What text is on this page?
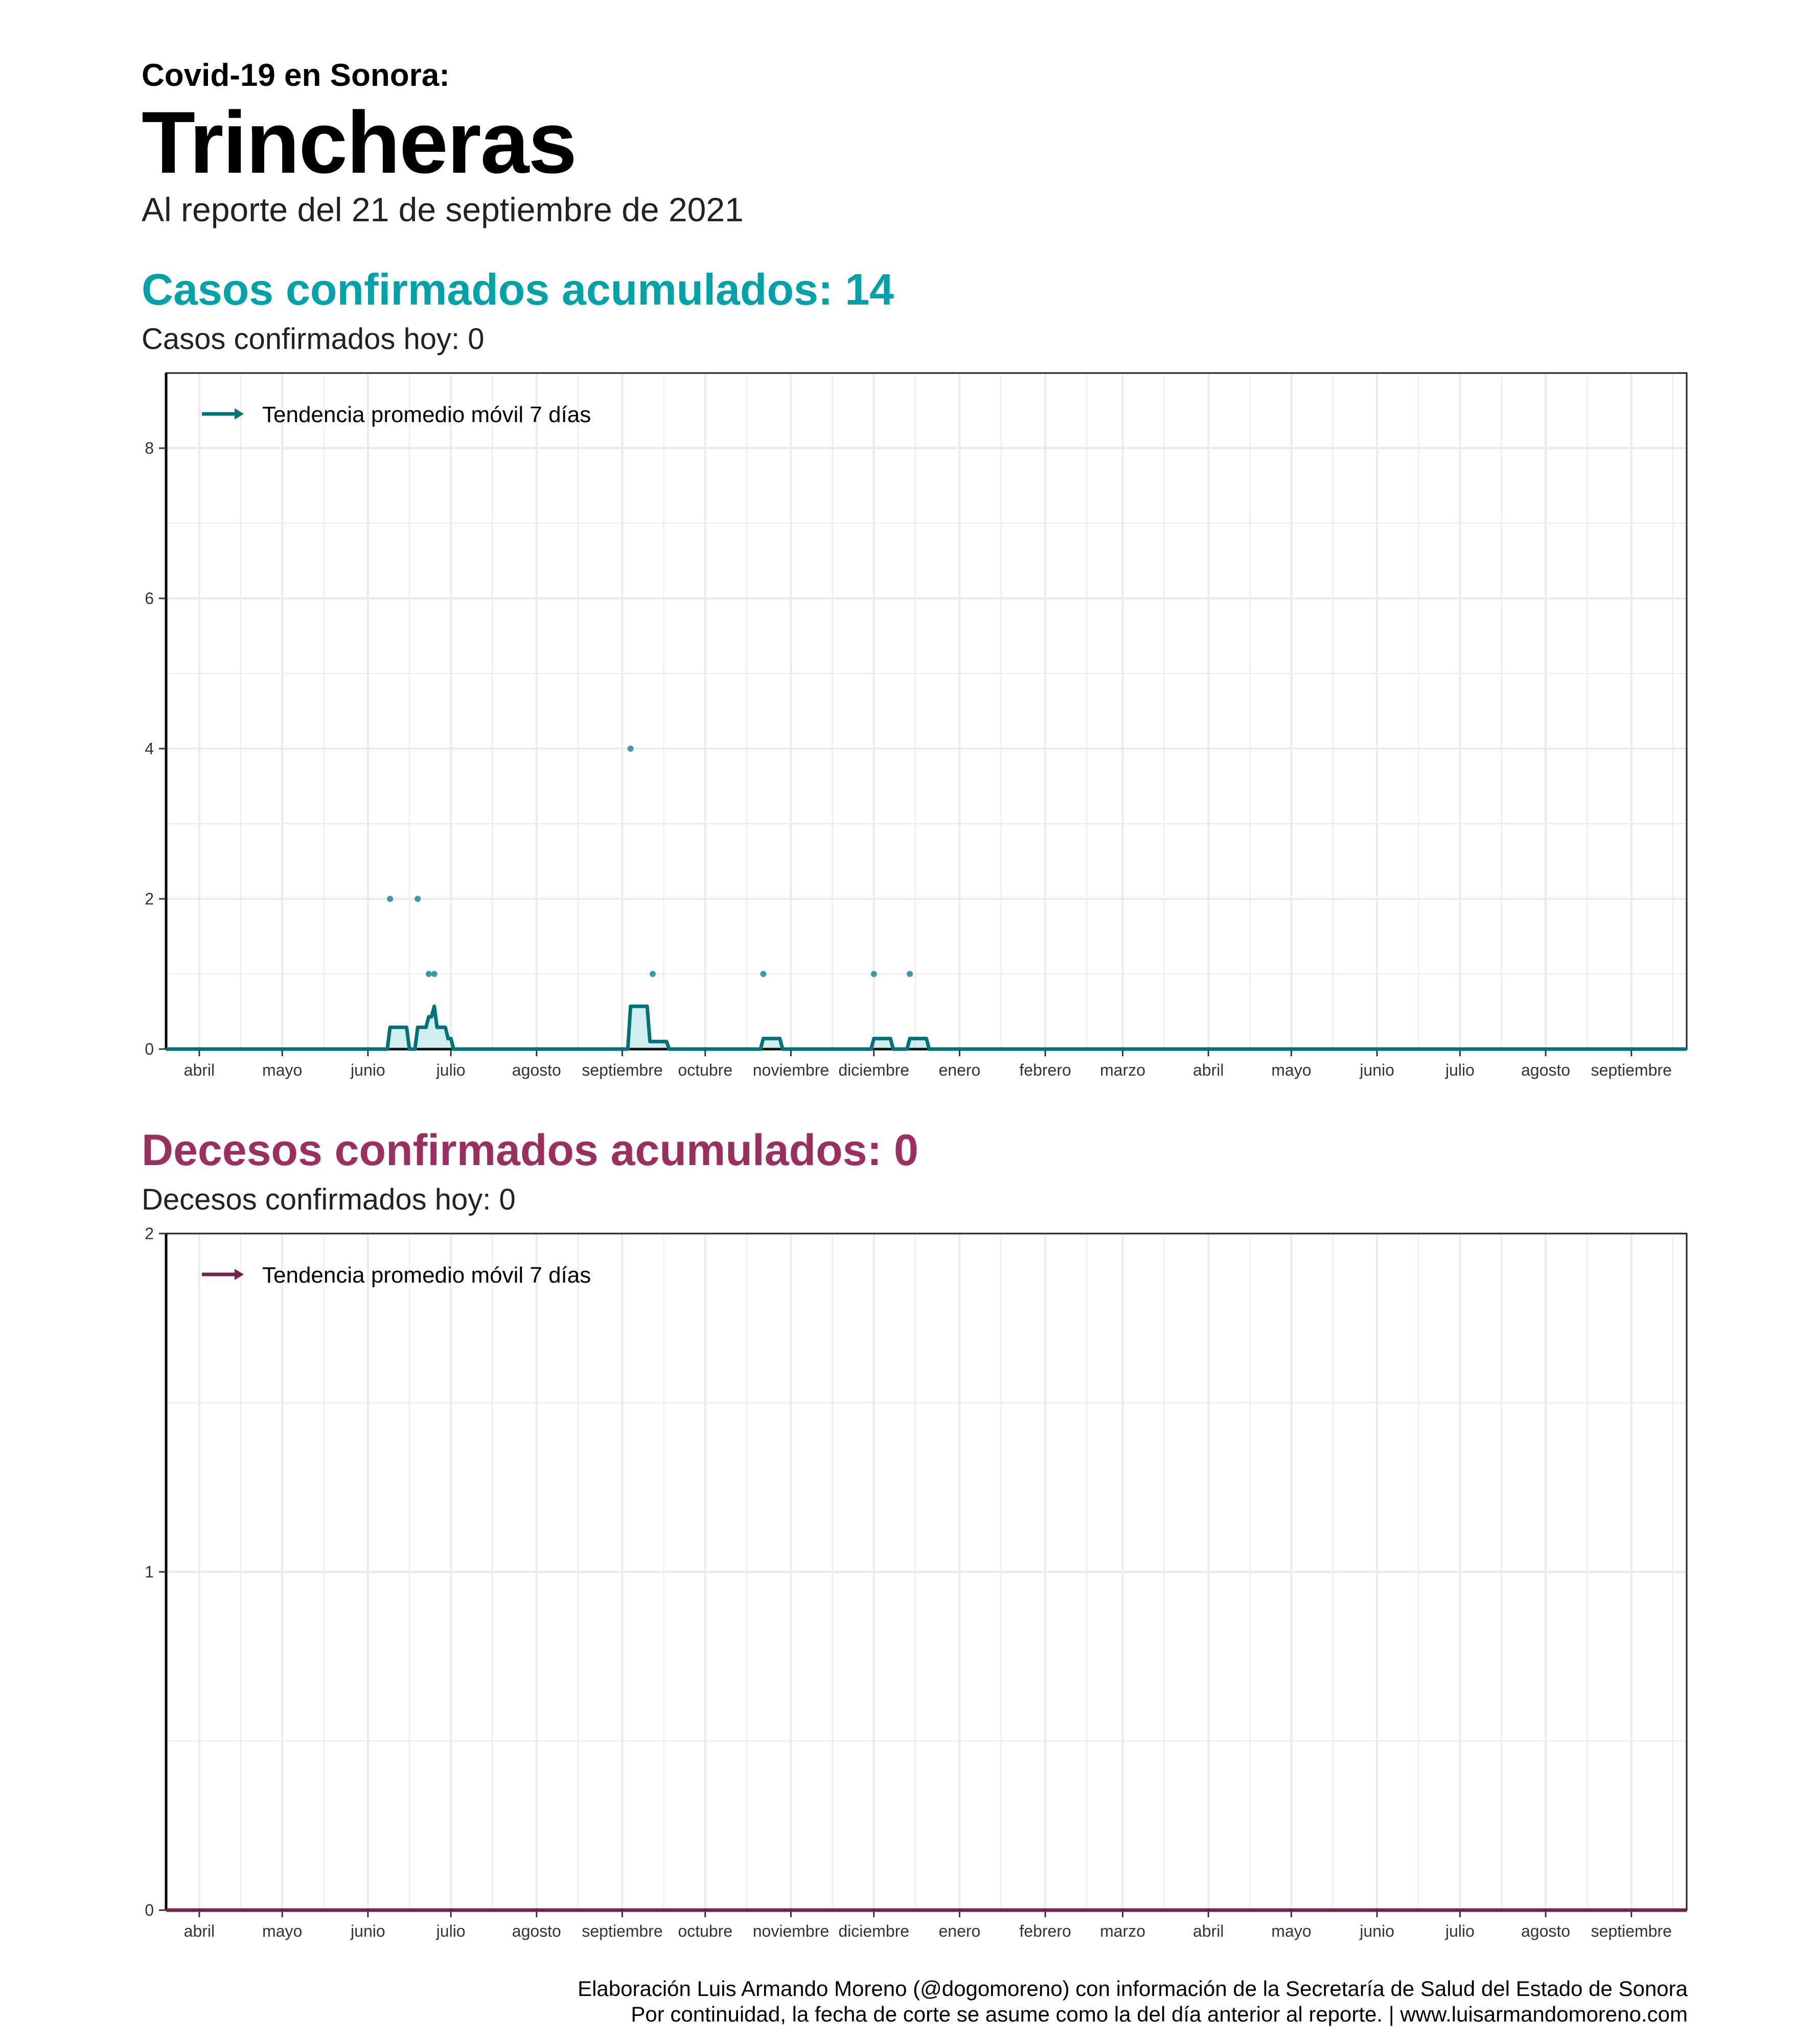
Covid-19 en Sonora:
Trincheras
Al reporte del 21 de septiembre de 2021
Casos confirmados acumulados: 14
Casos confirmados hoy: 0
0
2
4
6
8
abril	mayo	junio	julio	agosto septiembre octubre noviembre diciembre enero febrero marzo	abril	mayo	junio	julio	agosto septiembre
Tendencia promedio móvil 7 días
Decesos confirmados acumulados: 0
Decesos confirmados hoy: 0
0
1
2
abril	mayo	junio	julio	agosto septiembre octubre noviembre diciembre enero febrero marzo	abril	mayo	junio	julio	agosto septiembre
Tendencia promedio móvil 7 días
Elaboración Luis Armando Moreno (@dogomoreno) con información de la Secretaría de Salud del Estado de Sonora
Por continuidad, la fecha de corte se asume como la del día anterior al reporte. | www.luisarmandomoreno.com
